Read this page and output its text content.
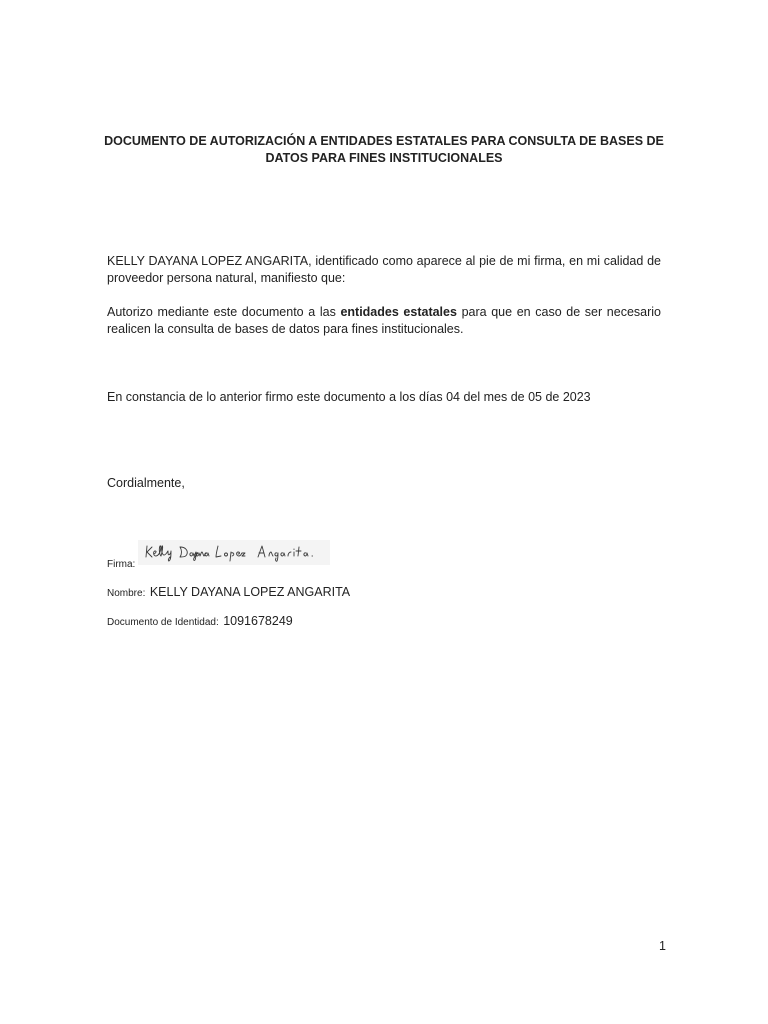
DOCUMENTO DE AUTORIZACIÓN A ENTIDADES ESTATALES PARA CONSULTA DE BASES DE DATOS PARA FINES INSTITUCIONALES
KELLY DAYANA LOPEZ ANGARITA, identificado como aparece al pie de mi firma, en mi calidad de proveedor persona natural, manifiesto que:
Autorizo mediante este documento a las entidades estatales para que en caso de ser necesario realicen la consulta de bases de datos para fines institucionales.
En constancia de lo anterior firmo este documento a los días 04 del mes de 05 de 2023
Cordialmente,
Firma:
Nombre: KELLY DAYANA LOPEZ ANGARITA
Documento de Identidad: 1091678249
1
